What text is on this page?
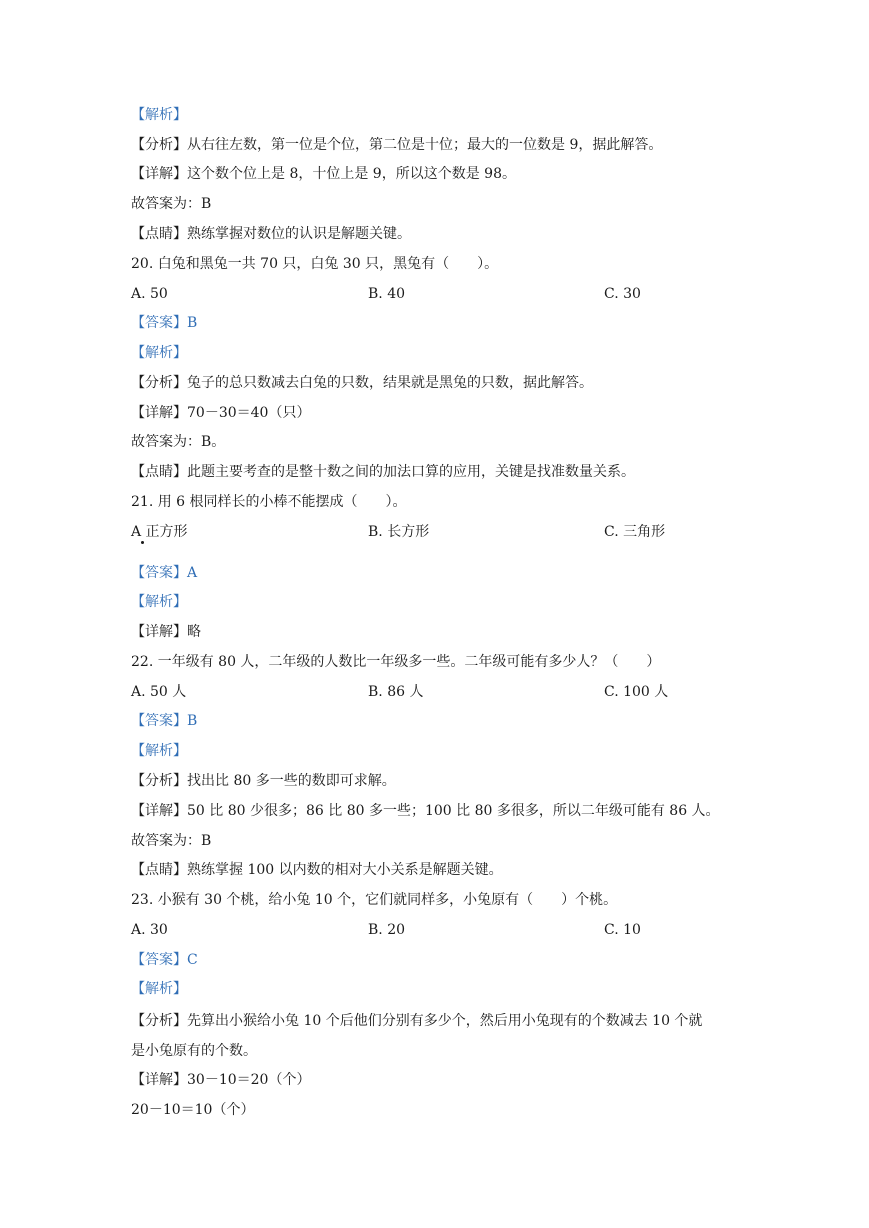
【解析】
【分析】从右往左数，第一位是个位，第二位是十位；最大的一位数是 9，据此解答。
【详解】这个数个位上是 8，十位上是 9，所以这个数是 98。
故答案为：B
【点睛】熟练掌握对数位的认识是解题关键。
20. 白兔和黑兔一共 70 只，白兔 30 只，黑兔有（　　）。
A. 50	B. 40	C. 30
【答案】B
【解析】
【分析】兔子的总只数减去白兔的只数，结果就是黑兔的只数，据此解答。
【详解】70－30＝40（只）
故答案为：B。
【点睛】此题主要考查的是整十数之间的加法口算的应用，关键是找准数量关系。
21. 用 6 根同样长的小棒不能摆成（　　）。
A 正方形	B. 长方形	C. 三角形
【答案】A
【解析】
【详解】略
22. 一年级有 80 人，二年级的人数比一年级多一些。二年级可能有多少人？（　　）
A. 50 人	B. 86 人	C. 100 人
【答案】B
【解析】
【分析】找出比 80 多一些的数即可求解。
【详解】50 比 80 少很多；86 比 80 多一些；100 比 80 多很多，所以二年级可能有 86 人。
故答案为：B
【点睛】熟练掌握 100 以内数的相对大小关系是解题关键。
23. 小猴有 30 个桃，给小兔 10 个，它们就同样多，小兔原有（　　）个桃。
A. 30	B. 20	C. 10
【答案】C
【解析】
【分析】先算出小猴给小兔 10 个后他们分别有多少个，然后用小兔现有的个数减去 10 个就
是小兔原有的个数。
【详解】30－10＝20（个）
20－10＝10（个）
